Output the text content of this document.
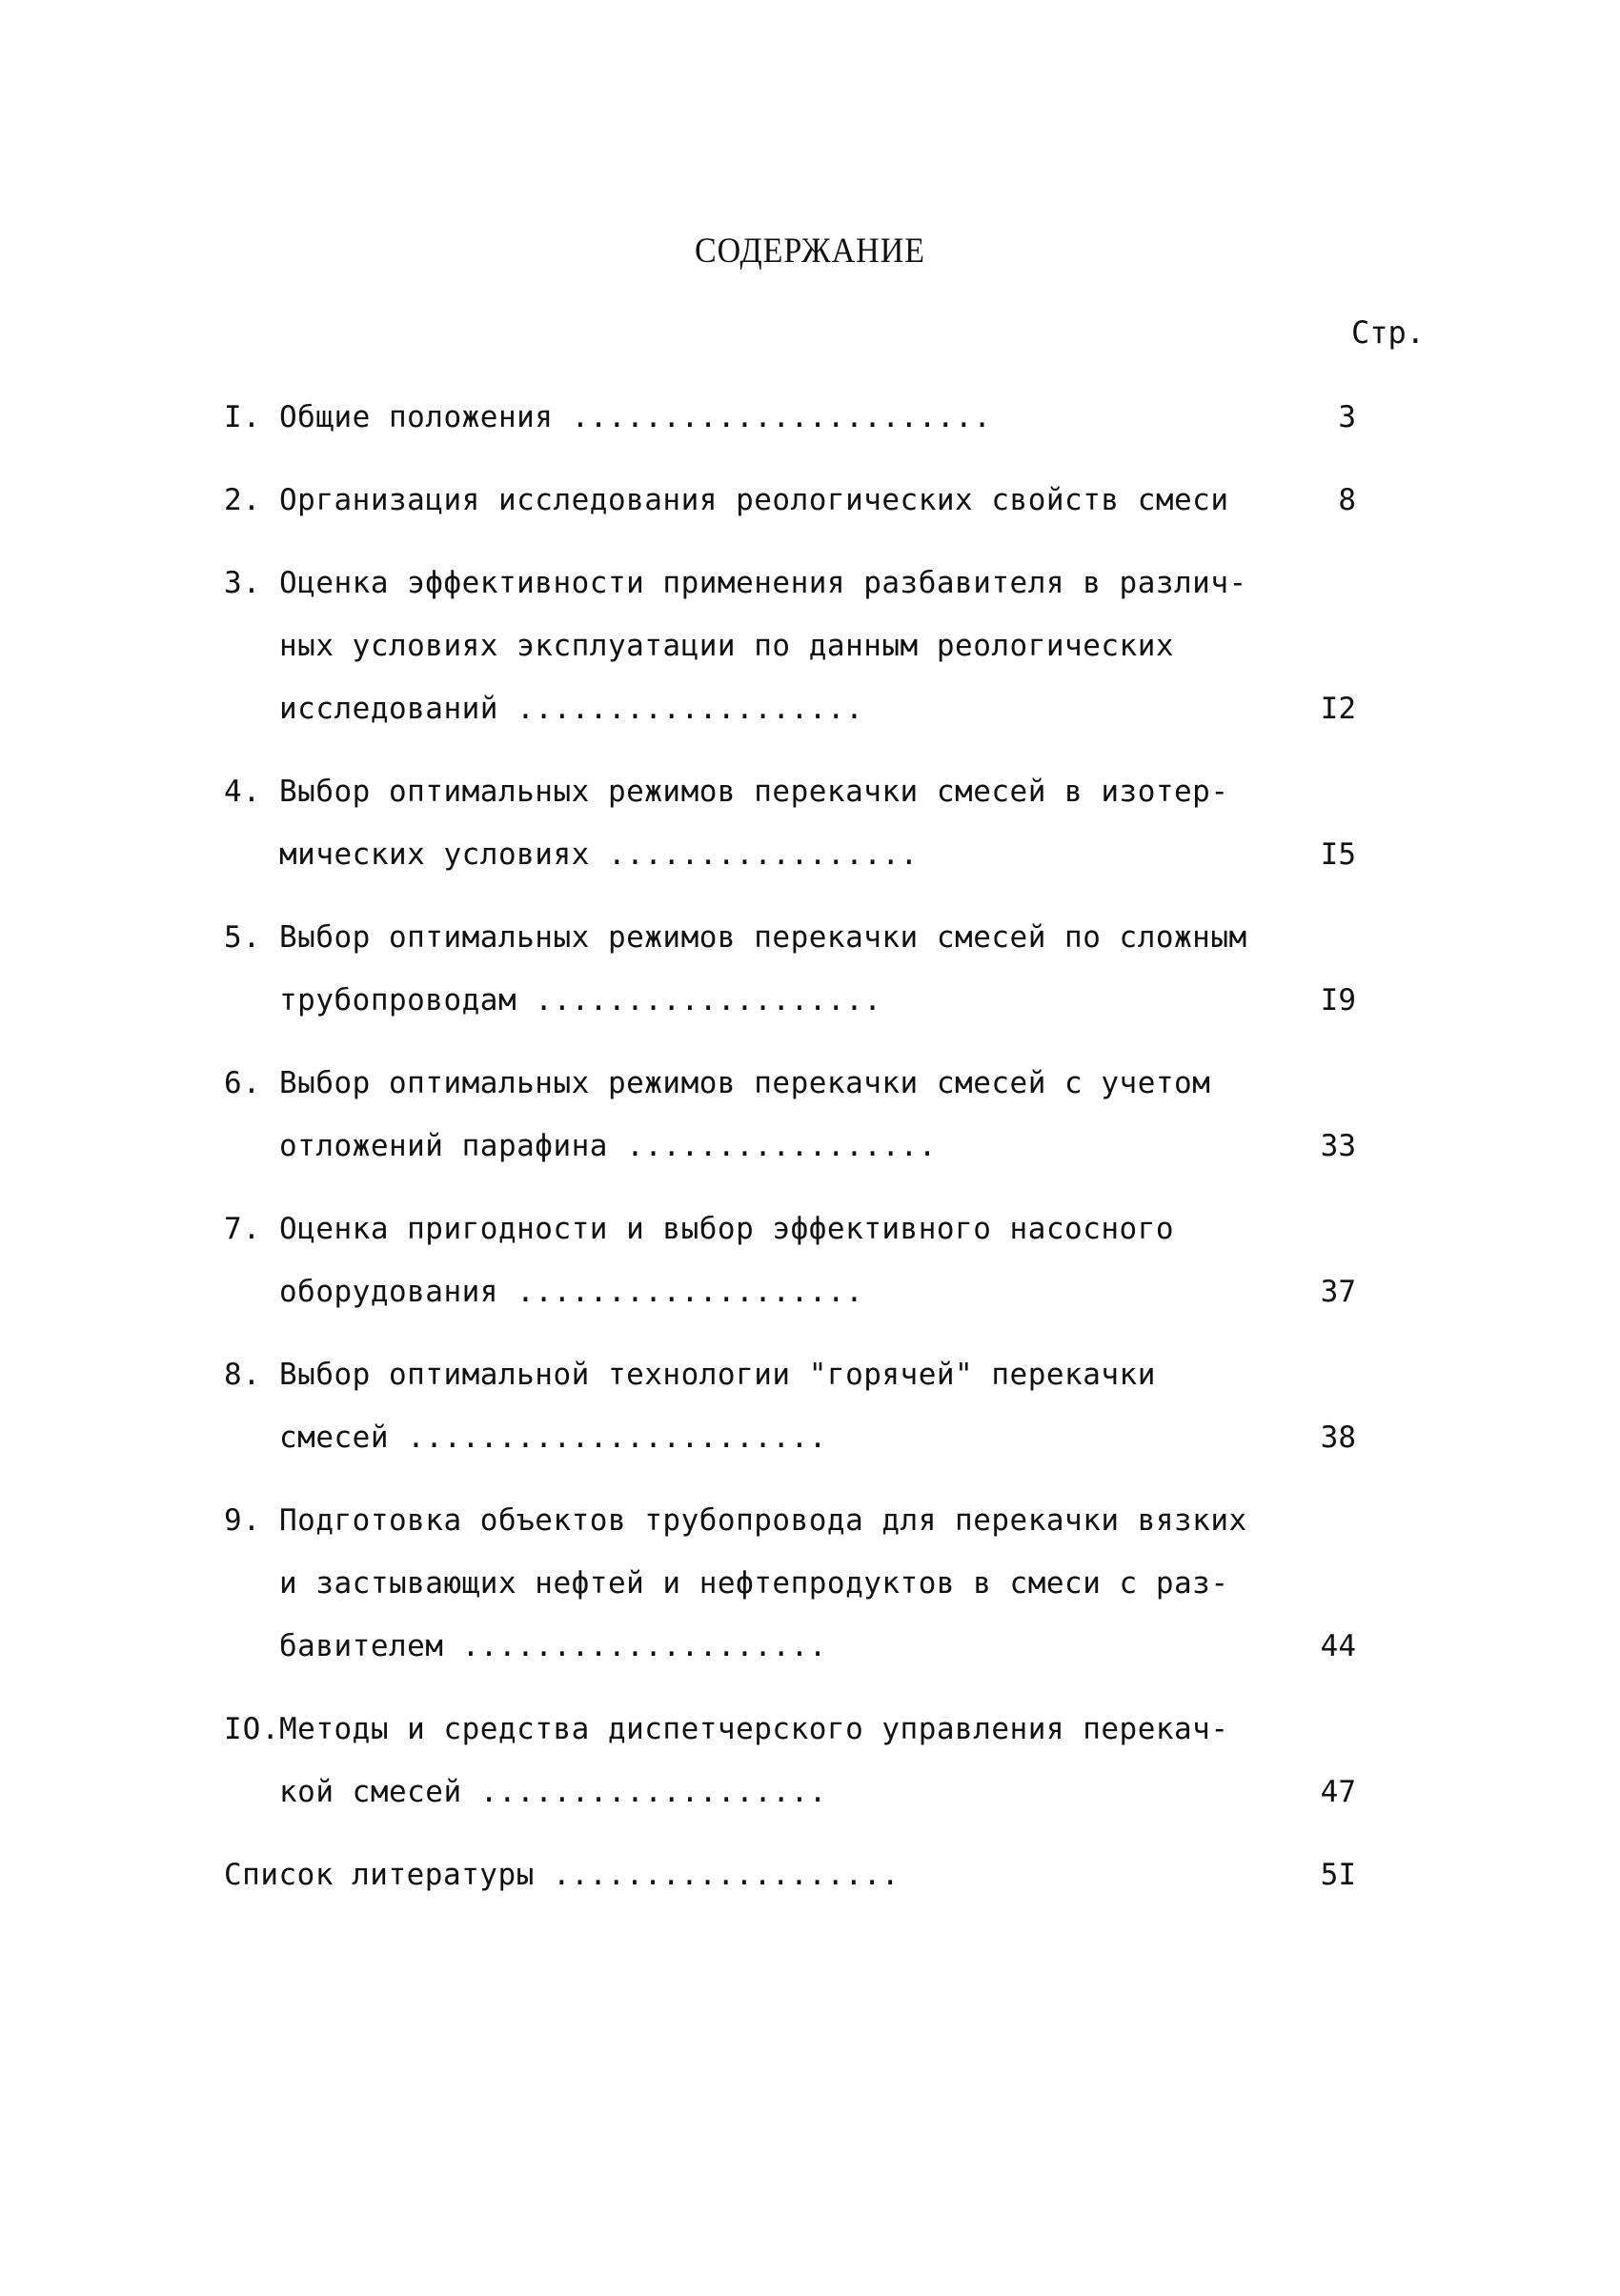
СОДЕРЖАНИЕ
Стр.
I. Общие положения .......................	3
2. Организация исследования реологических свойств смеси	8
3. Оценка эффективности применения разбавителя в различ-
ных условиях эксплуатации по данным реологических
исследований ...................	I2
4. Выбор оптимальных режимов перекачки смесей в изотер-
мических условиях .................	I5
5. Выбор оптимальных режимов перекачки смесей по сложным
трубопроводам ...................	I9
6. Выбор оптимальных режимов перекачки смесей с учетом
отложений парафина .................	33
7. Оценка пригодности и выбор эффективного насосного
оборудования ...................	37
8. Выбор оптимальной технологии "горячей" перекачки
смесей .......................	38
9. Подготовка объектов трубопровода для перекачки вязких
и застывающих нефтей и нефтепродуктов в смеси с раз-
бавителем ....................	44
IO. Методы и средства диспетчерского управления перекач-
кой смесей ...................	47
Список литературы ...................	5I
